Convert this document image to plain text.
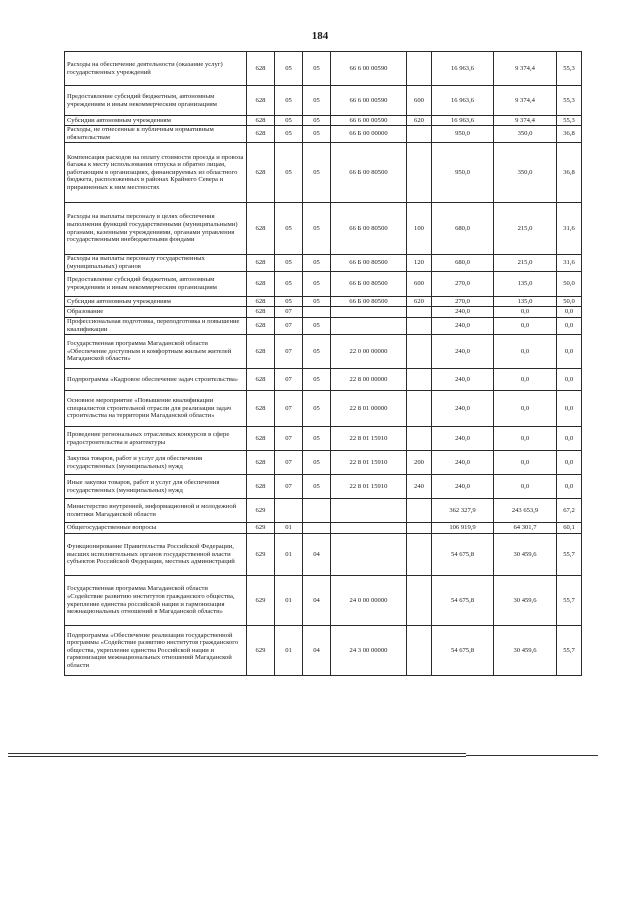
184
Расходы на обеспечение деятельности (оказание услуг) государственных учреждений	628	05	05	66 6 00 00590		16 963,6	9 374,4	55,3
Предоставление субсидий бюджетным, автономным учреждениям и иным некоммерческим организациям	628	05	05	66 6 00 00590	600	16 963,6	9 374,4	55,3
Субсидии автономным учреждениям	628	05	05	66 6 00 00590	620	16 963,6	9 374,4	55,3
Расходы, не отнесенные к публичным нормативным обязательствам	628	05	05	66 Б 00 00000		950,0	350,0	36,8
Компенсация расходов на оплату стоимости проезда и провоза багажа к месту использования отпуска и обратно лицам, работающим в организациях, финансируемых из областного бюджета, расположенных в районах Крайнего Севера и приравненных к ним местностях	628	05	05	66 Б 00 80500		950,0	350,0	36,8
Расходы на выплаты персоналу в целях обеспечения выполнения функций государственными (муниципальными) органами, казенными учреждениями, органами управления государственными внебюджетными фондами	628	05	05	66 Б 00 80500	100	680,0	215,0	31,6
Расходы на выплаты персоналу государственных (муниципальных) органов	628	05	05	66 Б 00 80500	120	680,0	215,0	31,6
Предоставление субсидий бюджетным, автономным учреждениям и иным некоммерческим организациям	628	05	05	66 Б 00 80500	600	270,0	135,0	50,0
Субсидии автономным учреждениям	628	05	05	66 Б 00 80500	620	270,0	135,0	50,0
Образование	628	07				240,0	0,0	0,0
Профессиональная подготовка, переподготовка и повышение квалификации	628	07	05			240,0	0,0	0,0
Государственная программа Магаданской области «Обеспечение доступным и комфортным жильем жителей Магаданской области»	628	07	05	22 0 00 00000		240,0	0,0	0,0
Подпрограмма «Кадровое обеспечение задач строительства»	628	07	05	22 8 00 00000		240,0	0,0	0,0
Основное мероприятие «Повышение квалификации специалистов строительной отрасли для реализации задач строительства на территории Магаданской области»	628	07	05	22 8 01 00000		240,0	0,0	0,0
Проведение региональных отраслевых конкурсов в сфере градостроительства и архитектуры	628	07	05	22 8 01 15910		240,0	0,0	0,0
Закупка товаров, работ и услуг для обеспечения государственных (муниципальных) нужд	628	07	05	22 8 01 15910	200	240,0	0,0	0,0
Иные закупки товаров, работ и услуг для обеспечения государственных (муниципальных) нужд	628	07	05	22 8 01 15910	240	240,0	0,0	0,0
Министерство внутренней, информационной и молодежной политики Магаданской области	629					362 327,9	243 653,9	67,2
Общегосударственные вопросы	629	01				106 919,9	64 301,7	60,1
Функционирование Правительства Российской Федерации, высших исполнительных органов государственной власти субъектов Российской Федерации, местных администраций	629	01	04			54 675,8	30 459,6	55,7
Государственная программа Магаданской области «Содействие развитию институтов гражданского общества, укрепление единства российской нации и гармонизация межнациональных отношений в Магаданской области»	629	01	04	24 0 00 00000		54 675,8	30 459,6	55,7
Подпрограмма «Обеспечение реализации государственной программы «Содействие развитию институтов гражданского общества, укрепление единства Российской нации и гармонизация межнациональных отношений Магаданской области	629	01	04	24 3 00 00000		54 675,8	30 459,6	55,7
